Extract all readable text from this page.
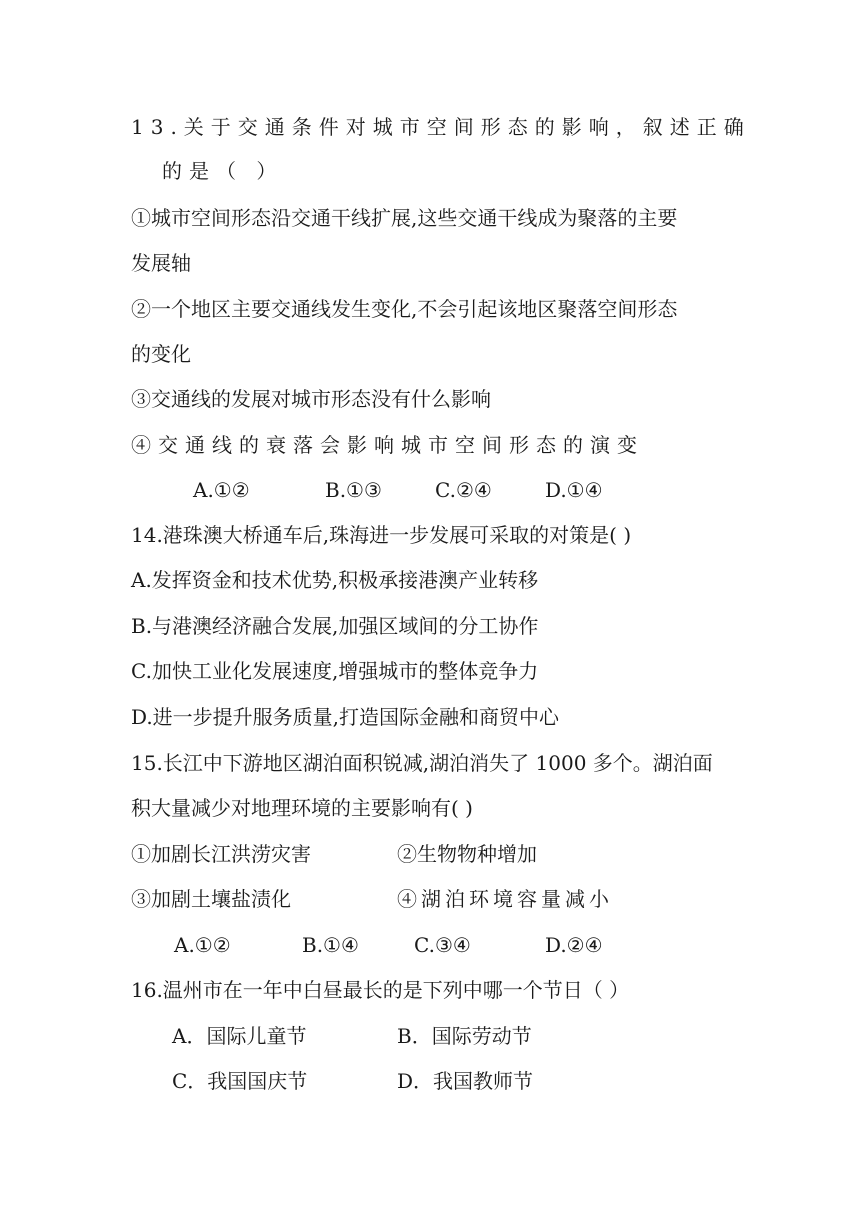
13.关于交通条件对城市空间形态的影响，叙述正确
的是（ ）
①城市空间形态沿交通干线扩展,这些交通干线成为聚落的主要
发展轴
②一个地区主要交通线发生变化,不会引起该地区聚落空间形态
的变化
③交通线的发展对城市形态没有什么影响
④交通线的衰落会影响城市空间形态的演变
A.①②	B.①③	C.②④	D.①④
14.港珠澳大桥通车后,珠海进一步发展可采取的对策是( )
A.发挥资金和技术优势,积极承接港澳产业转移
B.与港澳经济融合发展,加强区域间的分工协作
C.加快工业化发展速度,增强城市的整体竞争力
D.进一步提升服务质量,打造国际金融和商贸中心
15.长江中下游地区湖泊面积锐减,湖泊消失了 1000 多个。湖泊面
积大量减少对地理环境的主要影响有( )
①加剧长江洪涝灾害	②生物物种增加
③加剧土壤盐渍化	④湖泊环境容量减小
A.①②	B.①④	C.③④	D.②④
16.温州市在一年中白昼最长的是下列中哪一个节日（ ）
A．国际儿童节	B．国际劳动节
C．我国国庆节	D．我国教师节
